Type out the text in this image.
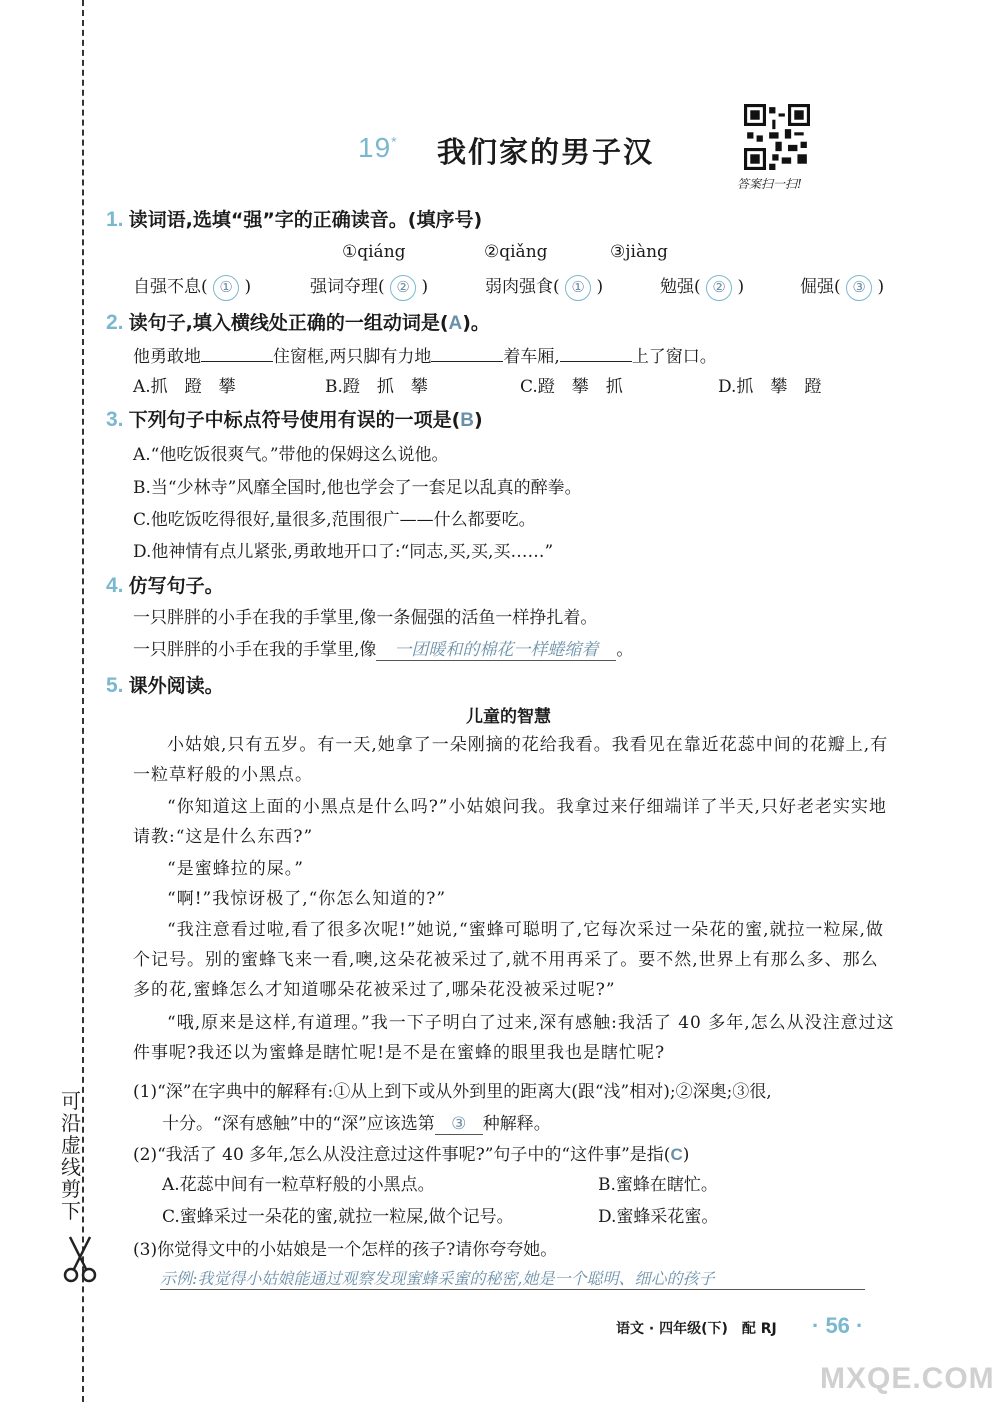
可沿虚线剪下
19* 我们家的男子汉
答案扫一扫!
1. 读词语,选填“强”字的正确读音。(填序号)
①qiáng	②qiǎng	③jiàng
自强不息( ① )	强词夺理( ② )	弱肉强食( ① )	勉强( ② )	倔强( ③ )
2. 读句子,填入横线处正确的一组动词是(A)。
他勇敢地	住窗框,两只脚有力地	着车厢,	上了窗口。
A.抓　蹬　攀	B.蹬　抓　攀	C.蹬　攀　抓	D.抓　攀　蹬
3. 下列句子中标点符号使用有误的一项是(B)
A.“他吃饭很爽气。”带他的保姆这么说他。
B.当“少林寺”风靡全国时,他也学会了一套足以乱真的醉拳。
C.他吃饭吃得很好,量很多,范围很广——什么都要吃。
D.他神情有点儿紧张,勇敢地开口了:“同志,买,买,买……”
4. 仿写句子。
一只胖胖的小手在我的手掌里,像一条倔强的活鱼一样挣扎着。
一只胖胖的小手在我的手掌里,像 一团暖和的棉花一样蜷缩着 。
5. 课外阅读。
儿童的智慧
小姑娘,只有五岁。有一天,她拿了一朵刚摘的花给我看。我看见在靠近花蕊中间的花瓣上,有一粒草籽般的小黑点。
“你知道这上面的小黑点是什么吗?”小姑娘问我。我拿过来仔细端详了半天,只好老老实实地请教:“这是什么东西?”
“是蜜蜂拉的屎。”
“啊!”我惊讶极了,“你怎么知道的?”
“我注意看过啦,看了很多次呢!”她说,“蜜蜂可聪明了,它每次采过一朵花的蜜,就拉一粒屎,做个记号。别的蜜蜂飞来一看,噢,这朵花被采过了,就不用再采了。要不然,世界上有那么多、那么多的花,蜜蜂怎么才知道哪朵花被采过了,哪朵花没被采过呢?”
“哦,原来是这样,有道理。”我一下子明白了过来,深有感触:我活了 40 多年,怎么从没注意过这件事呢?我还以为蜜蜂是瞎忙呢!是不是在蜜蜂的眼里我也是瞎忙呢?
(1)“深”在字典中的解释有:①从上到下或从外到里的距离大(跟“浅”相对);②深奥;③很,
十分。“深有感触”中的“深”应该选第 ③ 种解释。
(2)“我活了 40 多年,怎么从没注意过这件事呢?”句子中的“这件事”是指(C)
A.花蕊中间有一粒草籽般的小黑点。	B.蜜蜂在瞎忙。
C.蜜蜂采过一朵花的蜜,就拉一粒屎,做个记号。	D.蜜蜂采花蜜。
(3)你觉得文中的小姑娘是一个怎样的孩子?请你夸夸她。
示例:我觉得小姑娘能通过观察发现蜜蜂采蜜的秘密,她是一个聪明、细心的孩子
语文 · 四年级(下)　配 RJ · 56 ·
MXQE.COM
